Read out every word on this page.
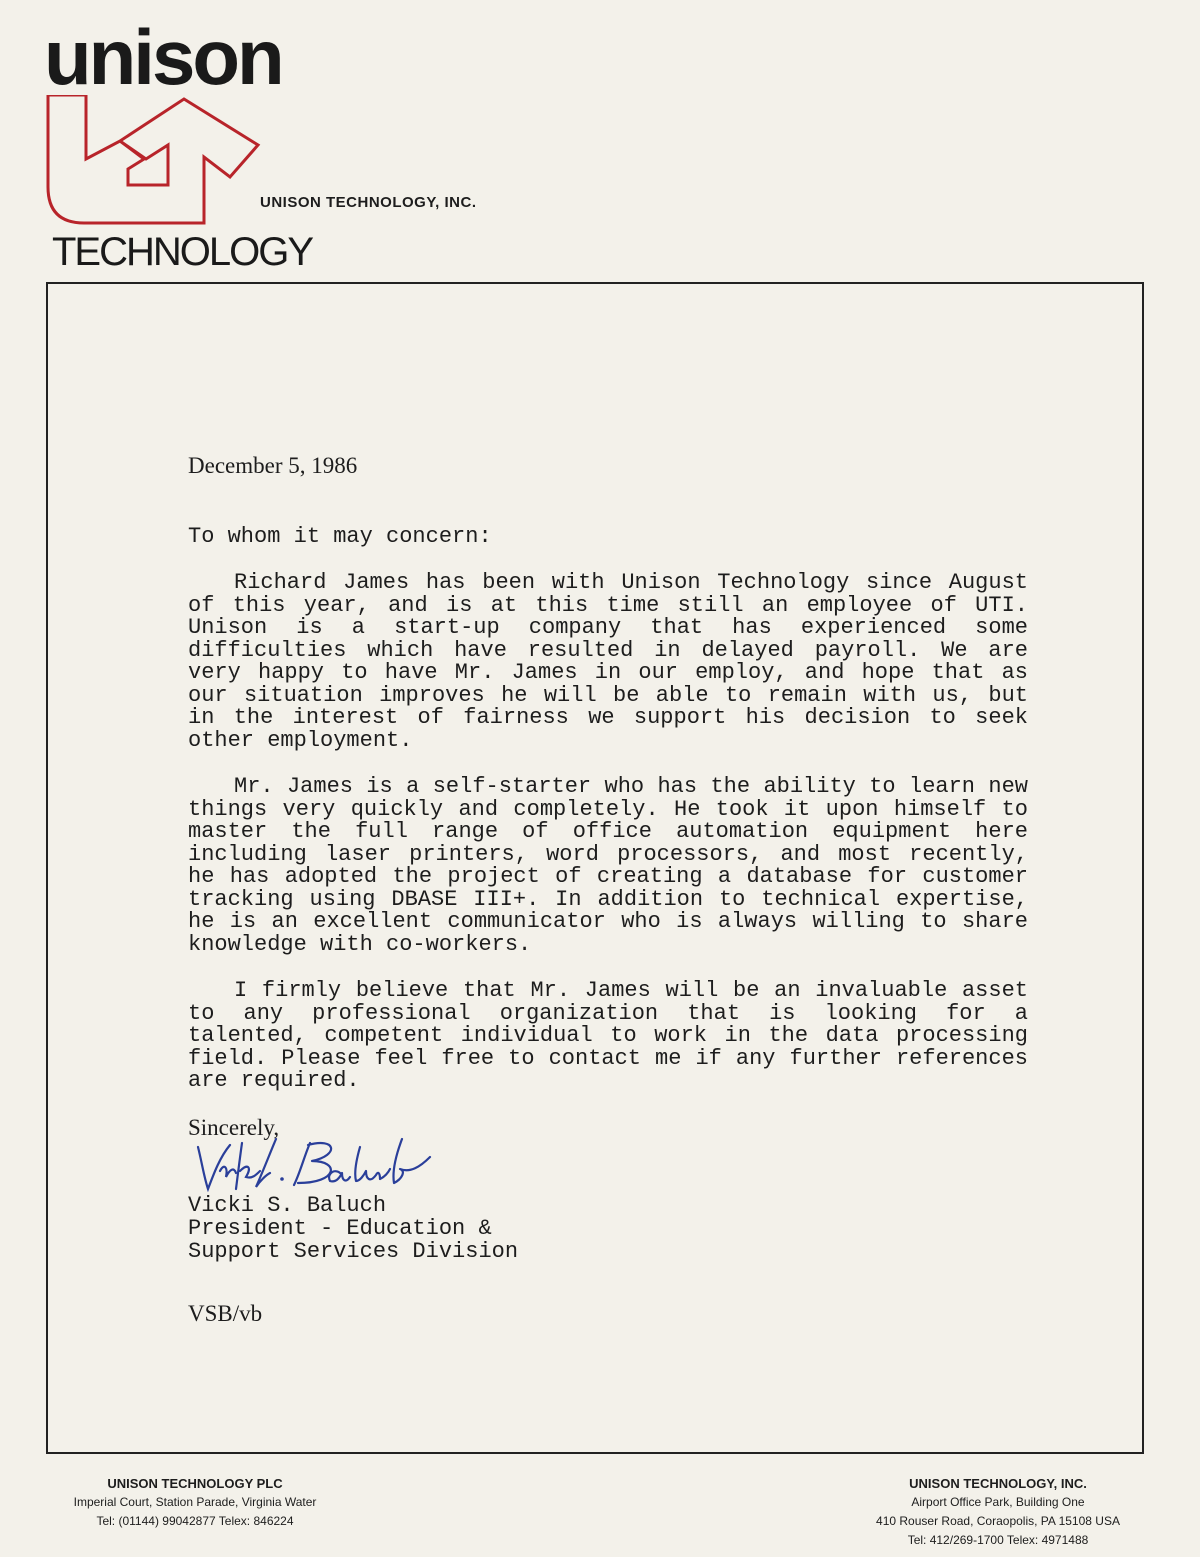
unison
TECHNOLOGY
UNISON TECHNOLOGY, INC.

December 5, 1986

To whom it may concern:

Richard James has been with Unison Technology since August of this year, and is at this time still an employee of UTI. Unison is a start-up company that has experienced some difficulties which have resulted in delayed payroll. We are very happy to have Mr. James in our employ, and hope that as our situation improves he will be able to remain with us, but in the interest of fairness we support his decision to seek other employment.

Mr. James is a self-starter who has the ability to learn new things very quickly and completely. He took it upon himself to master the full range of office automation equipment here including laser printers, word processors, and most recently, he has adopted the project of creating a database for customer tracking using DBASE III+. In addition to technical expertise, he is an excellent communicator who is always willing to share knowledge with co-workers.

I firmly believe that Mr. James will be an invaluable asset to any professional organization that is looking for a talented, competent individual to work in the data processing field. Please feel free to contact me if any further references are required.

Sincerely,

Vicki S. Baluch

President - Education &

Support Services Division

VSB/vb

UNISON TECHNOLOGY PLC
Imperial Court, Station Parade, Virginia Water
Tel: (01144) 99042877 Telex: 846224
UNISON TECHNOLOGY, INC.
Airport Office Park, Building One
410 Rouser Road, Coraopolis, PA 15108 USA
Tel: 412/269-1700 Telex: 4971488
